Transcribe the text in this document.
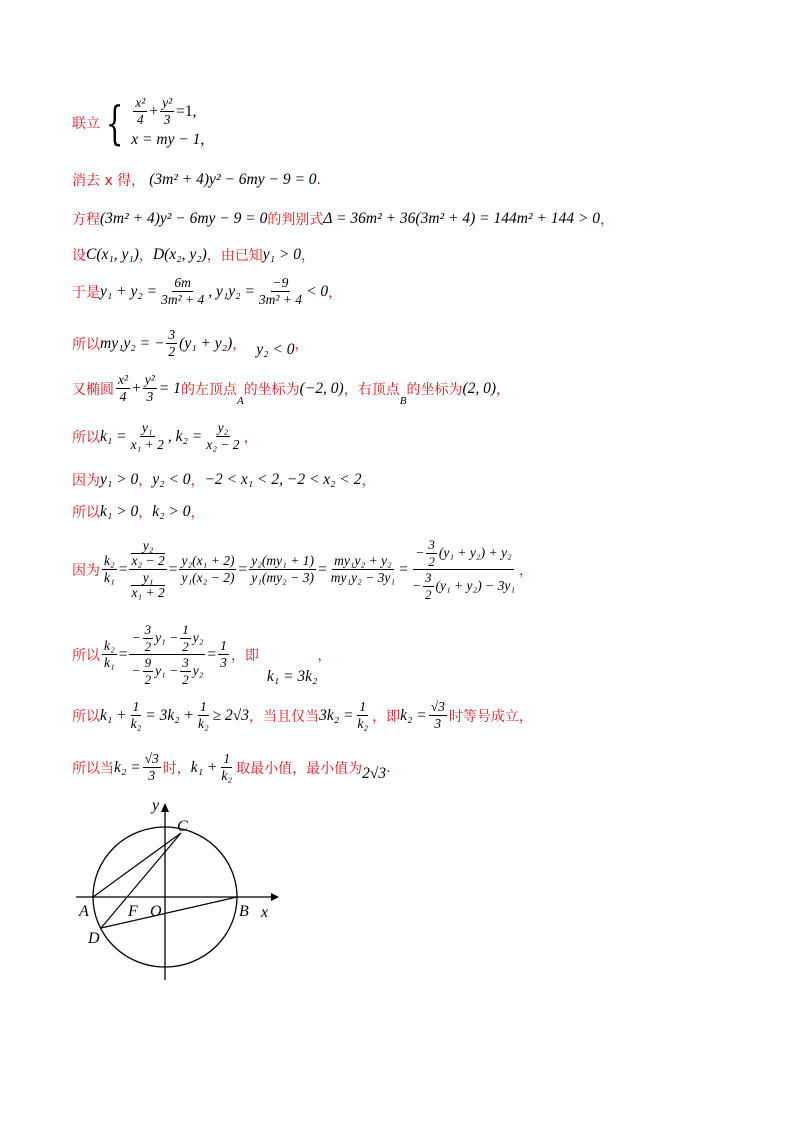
联立 { $\frac{\text{x²}}{4} + \frac{\text{y²}}{3} =1$,
x = my − 1,
消去 x 得， (3m² + 4)y² − 6my − 9 = 0 .
方程 (3m² + 4)y² − 6my − 9 = 0 的判别式 Δ = 36m² + 36(3m² + 4) = 144m² + 144 > 0 ，
设 C(x₁, y₁) ， D(x₂, y₂) ，由已知 y₁ > 0 ，
于是 $y_1 + y_2 = \frac{6m}{\text{3m² + 4}}$ , $y_1y_2 = \frac{-9}{\text{3m² + 4}} < 0$ ，
所以 my₁y₂ = − $\frac{3}{2} (y_1 + y_2)$ ， y₂ < 0 ，
又椭圆 $\frac{\text{x²}}{4} + \frac{\text{y²}}{3} = 1$ 的左顶点
A
的坐标为 (−2, 0) ，右顶点
B
的坐标为 (2, 0) ，
所以 $k_1 = \frac{\text{y₁}}{\text{x₁ + 2}}$ , $k_2 = \frac{\text{y₂}}{\text{x₂ − 2}}$ ，
因为 y₁ > 0 ， y₂ < 0 ， −2 < x₁ < 2, −2 < x₂ < 2 ，
所以 k₁ > 0 ， k₂ > 0 ，
因为 $\frac{\text{k₂}}{\text{k₁}} = y_2$
x₂ − 2
y₁
$x_1 + 2 = \frac{\text{y₂(x₁ + 2)}}{\text{y₁(x₂ − 2)}} = \frac{\text{y₂(my₁ + 1)}}{\text{y₁(my₂ − 3)}} = \frac{\text{my₁y₂ + y₂}}{\text{my₁y₂ − 3y₁}} = \frac{- \frac{3}{2} (y_1 + y_2) + y_2}{- \frac{3}{2} (y_1 + y_2) - 3y_1}$ ，
所以 $\frac{\text{k₂}}{\text{k₁}} = \frac{- \frac{3}{2} y_1 - \frac{1}{2} y_2}{- \frac{9}{2} y_1 - \frac{3}{2} y_2} = \frac{1}{3}$ ，即
k₁ = 3k₂
，
所以 $k_1 + \frac{1}{\text{k₂}} = 3k_2 + \frac{1}{\text{k₂}} \ge 2√3$ ，当且仅当 $3k_2 = \frac{1}{\text{k₂}}$ ，即 $k_2 = \frac{√3}{3}$ 时等号成立，
所以当 $k_2 = \frac{√3}{3}$ 时， $k_1 + \frac{1}{\text{k₂}}$ 取最小值，最小值为 2√3 .
y
x
C
A F O	B
D
